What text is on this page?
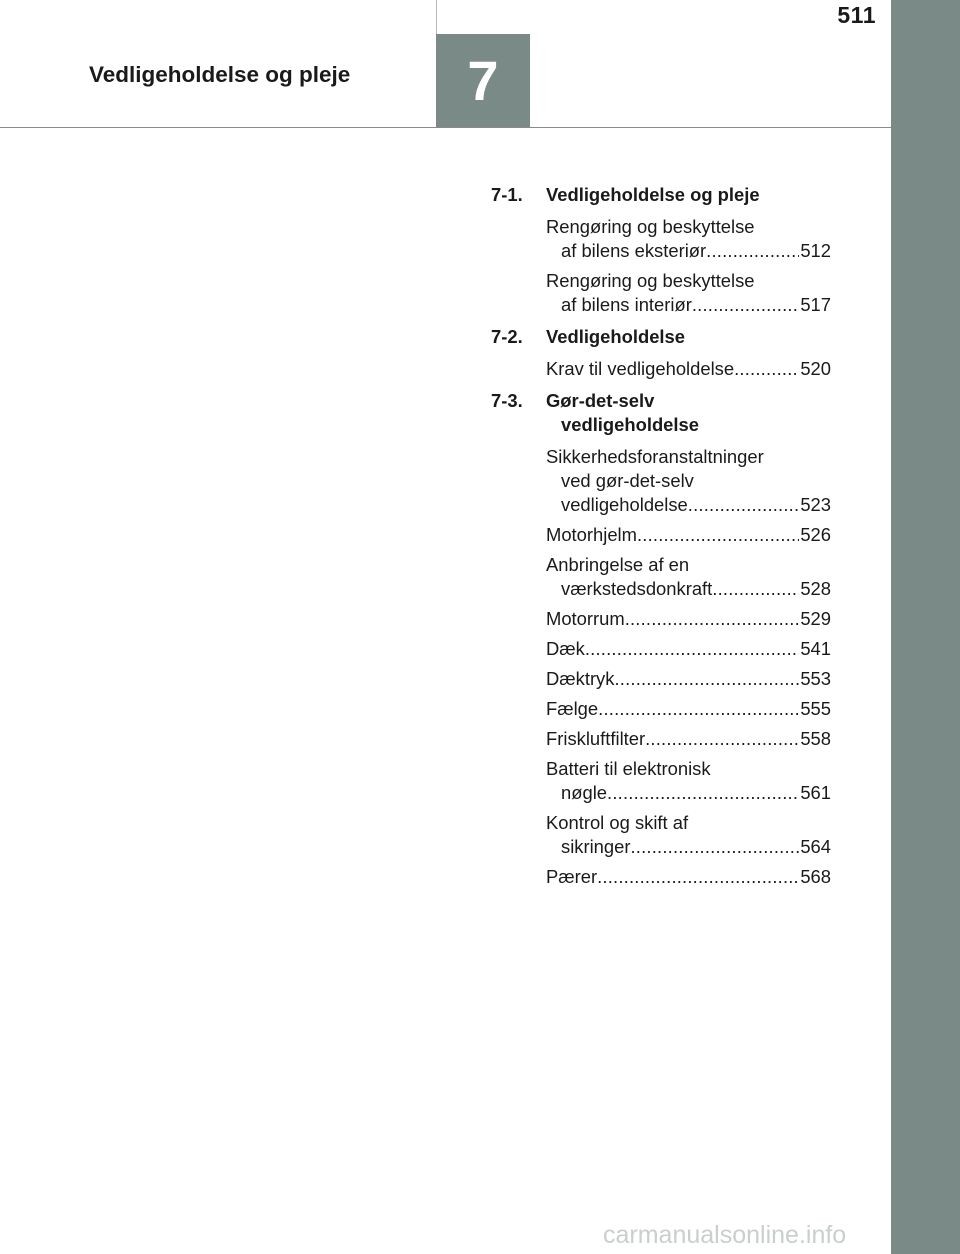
511
Vedligeholdelse og pleje	7
7-1.	Vedligeholdelse og pleje
Rengøring og beskyttelse
af bilens eksteriør .....	512
Rengøring og beskyttelse
af bilens interiør .....	517
7-2.	Vedligeholdelse
Krav til vedligeholdelse .....	520
7-3.	Gør-det-selv
vedligeholdelse
Sikkerhedsforanstaltninger
ved gør-det-selv
vedligeholdelse .....	523
Motorhjelm .....	526
Anbringelse af en
værkstedsdonkraft .....	528
Motorrum .....	529
Dæk .....	541
Dæktryk .....	553
Fælge .....	555
Friskluftfilter .....	558
Batteri til elektronisk
nøgle .....	561
Kontrol og skift af
sikringer .....	564
Pærer .....	568
carmanualsonline.info
